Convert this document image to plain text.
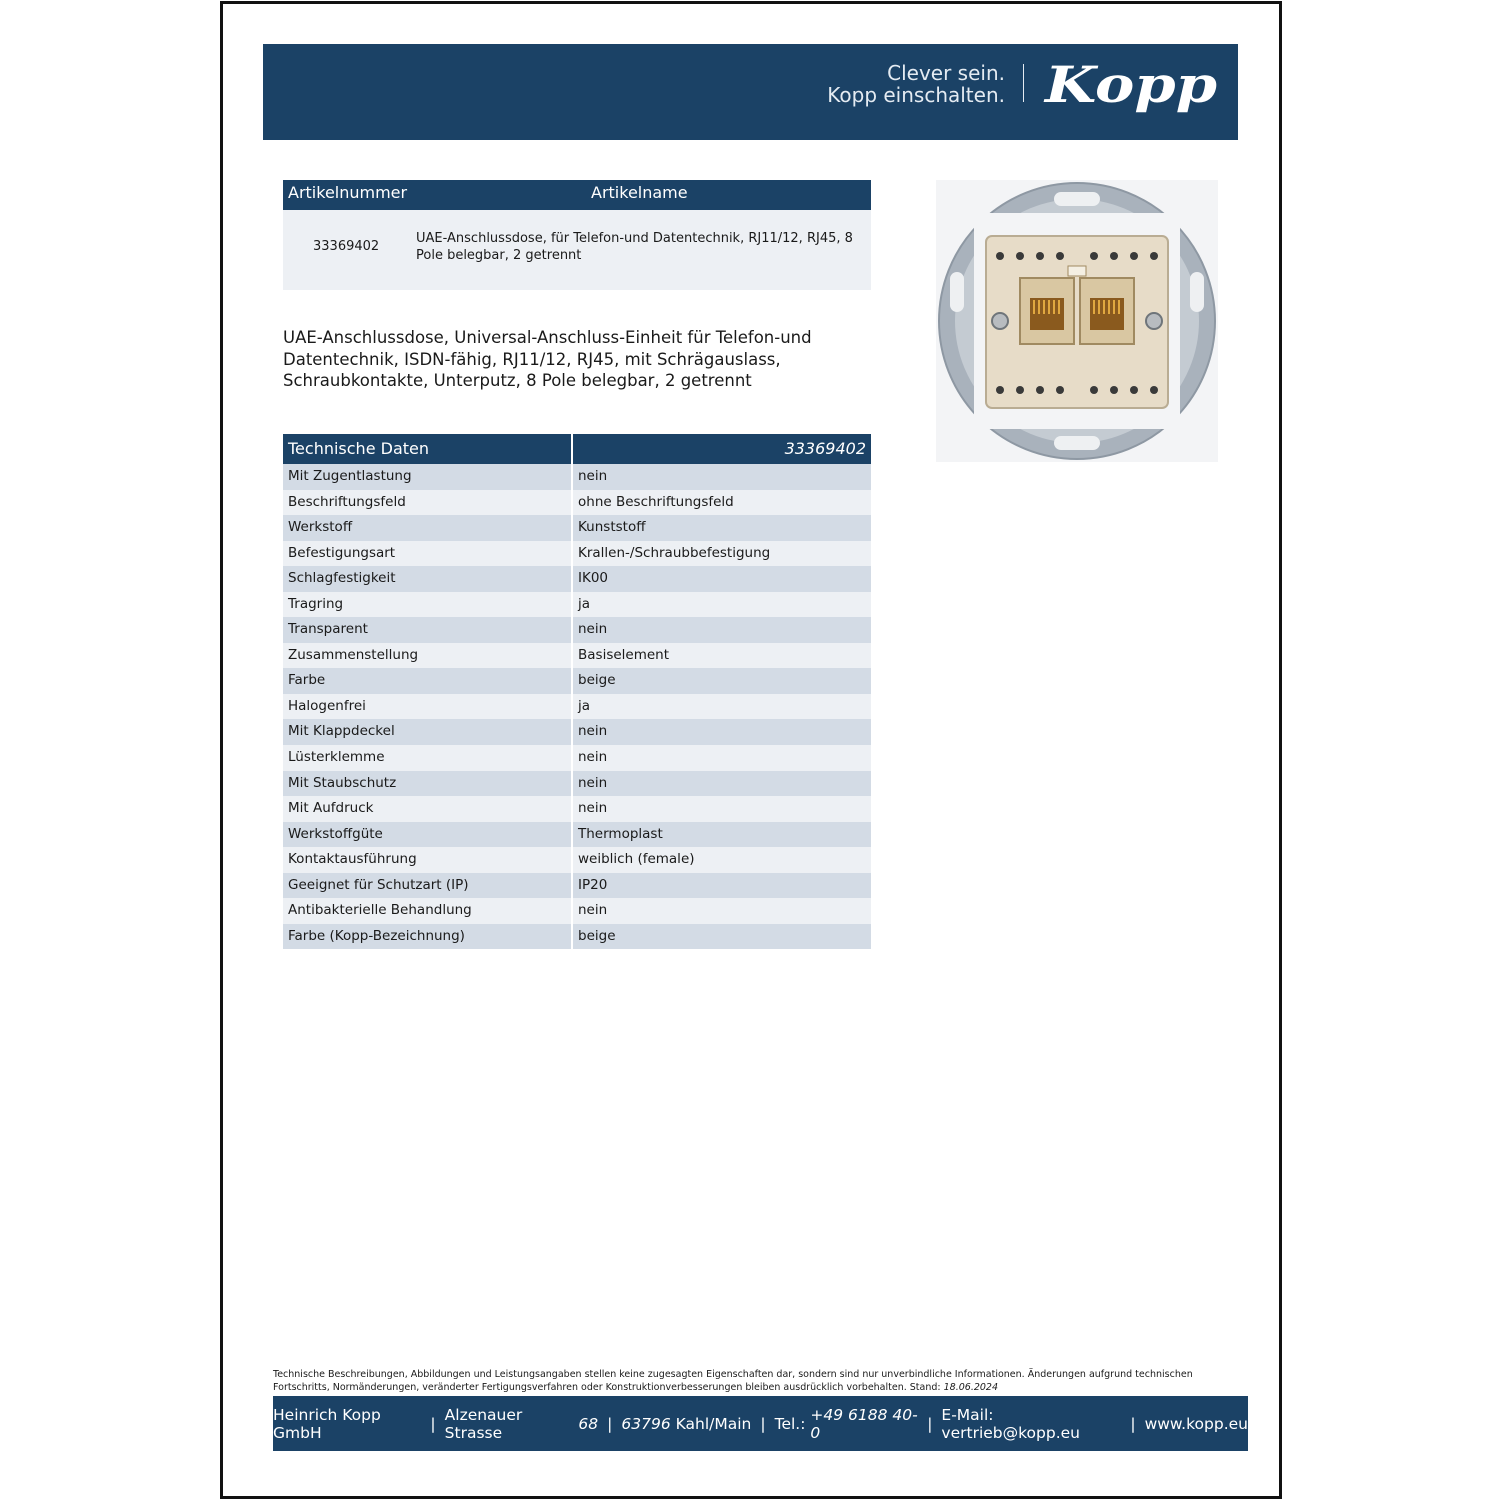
Clever sein.
Kopp einschalten. Kopp
Artikelnummer	Artikelname
33369402
UAE-Anschlussdose, für Telefon-und Datentechnik, RJ11/12, RJ45, 8 Pole belegbar, 2 getrennt
UAE-Anschlussdose, Universal-Anschluss-Einheit für Telefon-und Datentechnik, ISDN-fähig, RJ11/12, RJ45, mit Schrägauslass, Schraubkontakte, Unterputz, 8 Pole belegbar, 2 getrennt
Technische Daten	33369402
Mit Zugentlastung	nein
Beschriftungsfeld	ohne Beschriftungsfeld
Werkstoff	Kunststoff
Befestigungsart	Krallen-/Schraubbefestigung
Schlagfestigkeit	IK00
Tragring	ja
Transparent	nein
Zusammenstellung	Basiselement
Farbe	beige
Halogenfrei	ja
Mit Klappdeckel	nein
Lüsterklemme	nein
Mit Staubschutz	nein
Mit Aufdruck	nein
Werkstoffgüte	Thermoplast
Kontaktausführung	weiblich (female)
Geeignet für Schutzart (IP)	IP20
Antibakterielle Behandlung	nein
Farbe (Kopp-Bezeichnung)	beige
Technische Beschreibungen, Abbildungen und Leistungsangaben stellen keine zugesagten Eigenschaften dar, sondern sind nur unverbindliche Informationen. Änderungen aufgrund technischen Fortschritts, Normänderungen, veränderter Fertigungsverfahren oder Konstruktionverbesserungen bleiben ausdrücklich vorbehalten. Stand: 18.06.2024
Heinrich Kopp GmbH	| Alzenauer Strasse
	68 | 63796
Kahl/Main | Tel.:
+49 6188 40-0	| E-Mail: vertrieb@kopp.eu	| www.kopp.eu
